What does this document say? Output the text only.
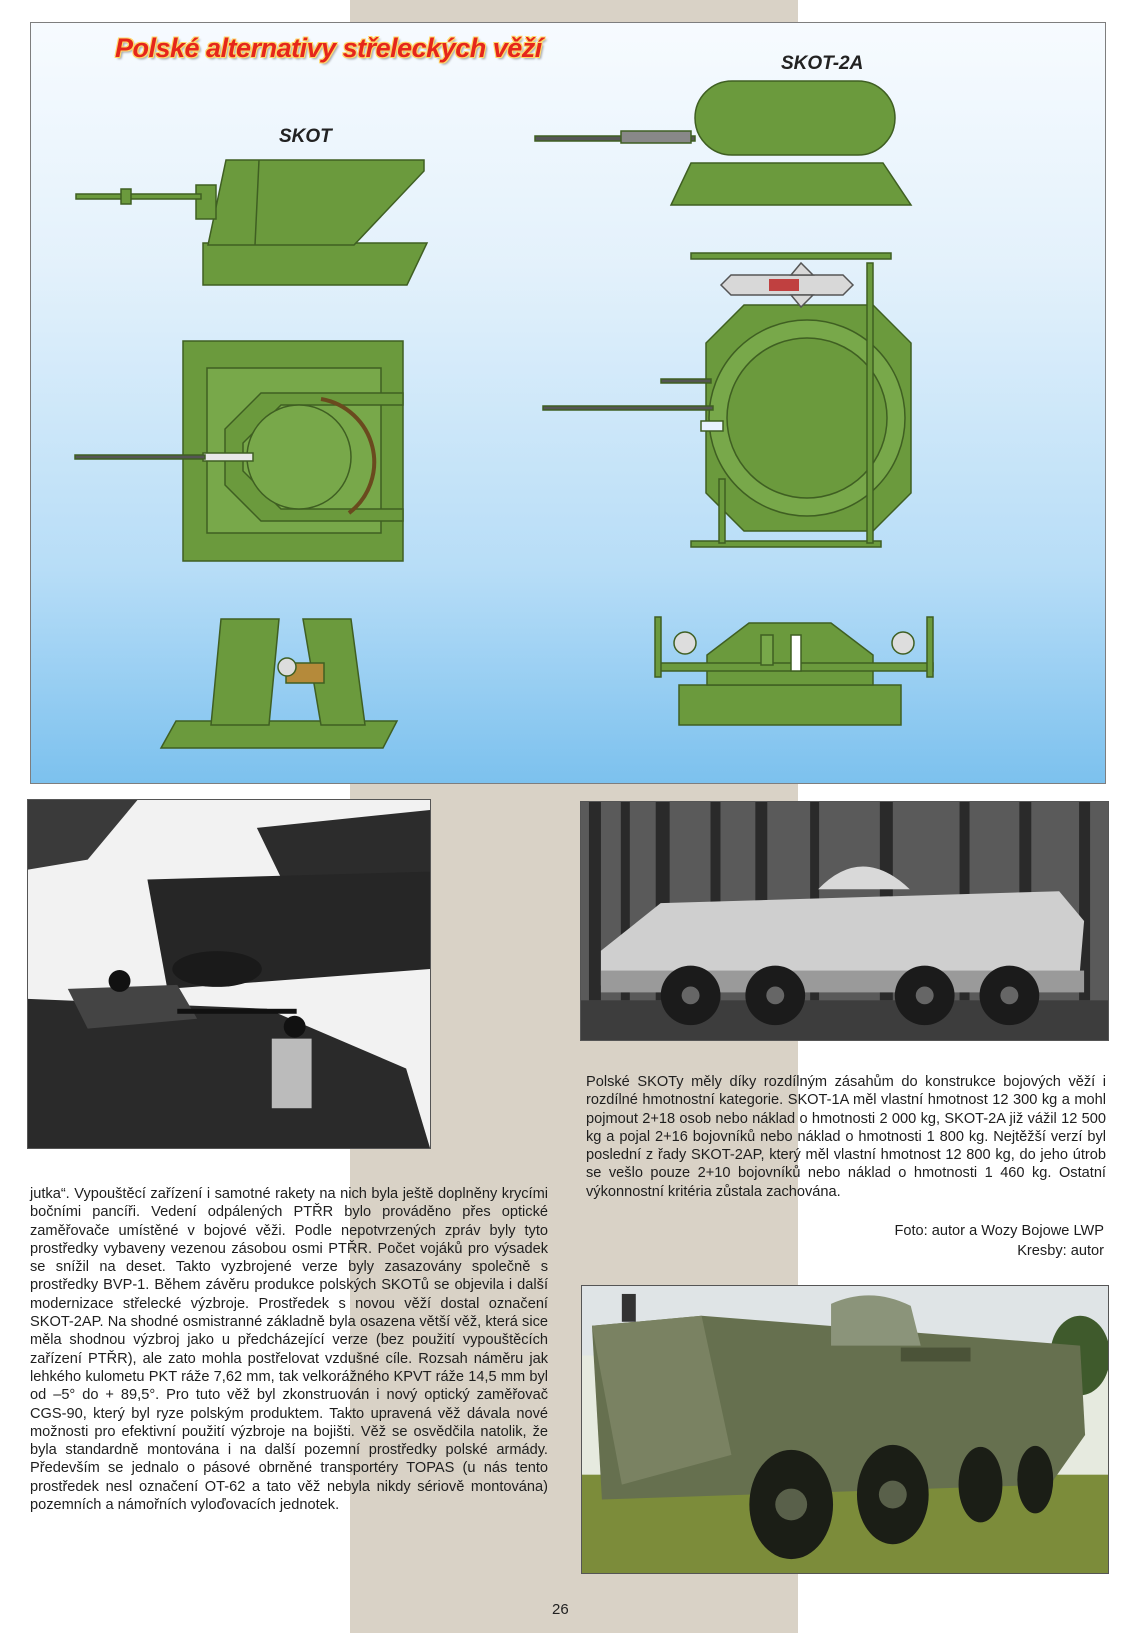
Polské alternativy střeleckých věží
SKOT
SKOT-2A

Polské SKOTy měly díky rozdílným zásahům do konstrukce bojových věží i rozdílné hmotnostní kategorie. SKOT-1A měl vlastní hmotnost 12 300 kg a mohl pojmout 2+18 osob nebo náklad o hmotnosti 2 000 kg, SKOT-2A již vážil 12 500 kg a pojal 2+16 bojovníků nebo náklad o hmotnosti 1 800 kg. Nejtěžší verzí byl poslední z řady SKOT-2AP, který měl vlastní hmotnost 12 800 kg, do jeho útrob se vešlo pouze 2+10 bojovníků nebo náklad o hmotnosti 1 460 kg. Ostatní výkonnostní kritéria zůstala zachována.

Foto: autor a Wozy Bojowe LWP
Kresby: autor

jutka“. Vypouštěcí zařízení i samotné rakety na nich byla ještě doplněny krycími bočními pancíři. Vedení odpálených PTŘR bylo prováděno přes optické zaměřovače umístěné v bojové věži. Podle nepotvrzených zpráv byly tyto prostředky vybaveny vezenou zásobou osmi PTŘR. Počet vojáků pro výsadek se snížil na deset. Takto vyzbrojené verze byly zasazovány společně s prostředky BVP-1. Během závěru produkce polských SKOTů se objevila i další modernizace střelecké výzbroje. Prostředek s novou věží dostal označení SKOT-2AP. Na shodné osmistranné základně byla osazena větší věž, která sice měla shodnou výzbroj jako u předcházející verze (bez použití vypouštěcích zařízení PTŘR), ale zato mohla postřelovat vzdušné cíle. Rozsah náměru jak lehkého kulometu PKT ráže 7,62 mm, tak velkorážného KPVT ráže 14,5 mm byl od –5° do + 89,5°. Pro tuto věž byl zkonstruován i nový optický zaměřovač CGS-90, který byl ryze polským produktem. Takto upravená věž dávala nové možnosti pro efektivní použití výzbroje na bojišti. Věž se osvědčila natolik, že byla standardně montována i na další pozemní prostředky polské armády. Především se jednalo o pásové obrněné transportéry TOPAS (u nás tento prostředek nesl označení OT-62 a tato věž nebyla nikdy sériově montována) pozemních a námořních vyloďovacích jednotek.

26
